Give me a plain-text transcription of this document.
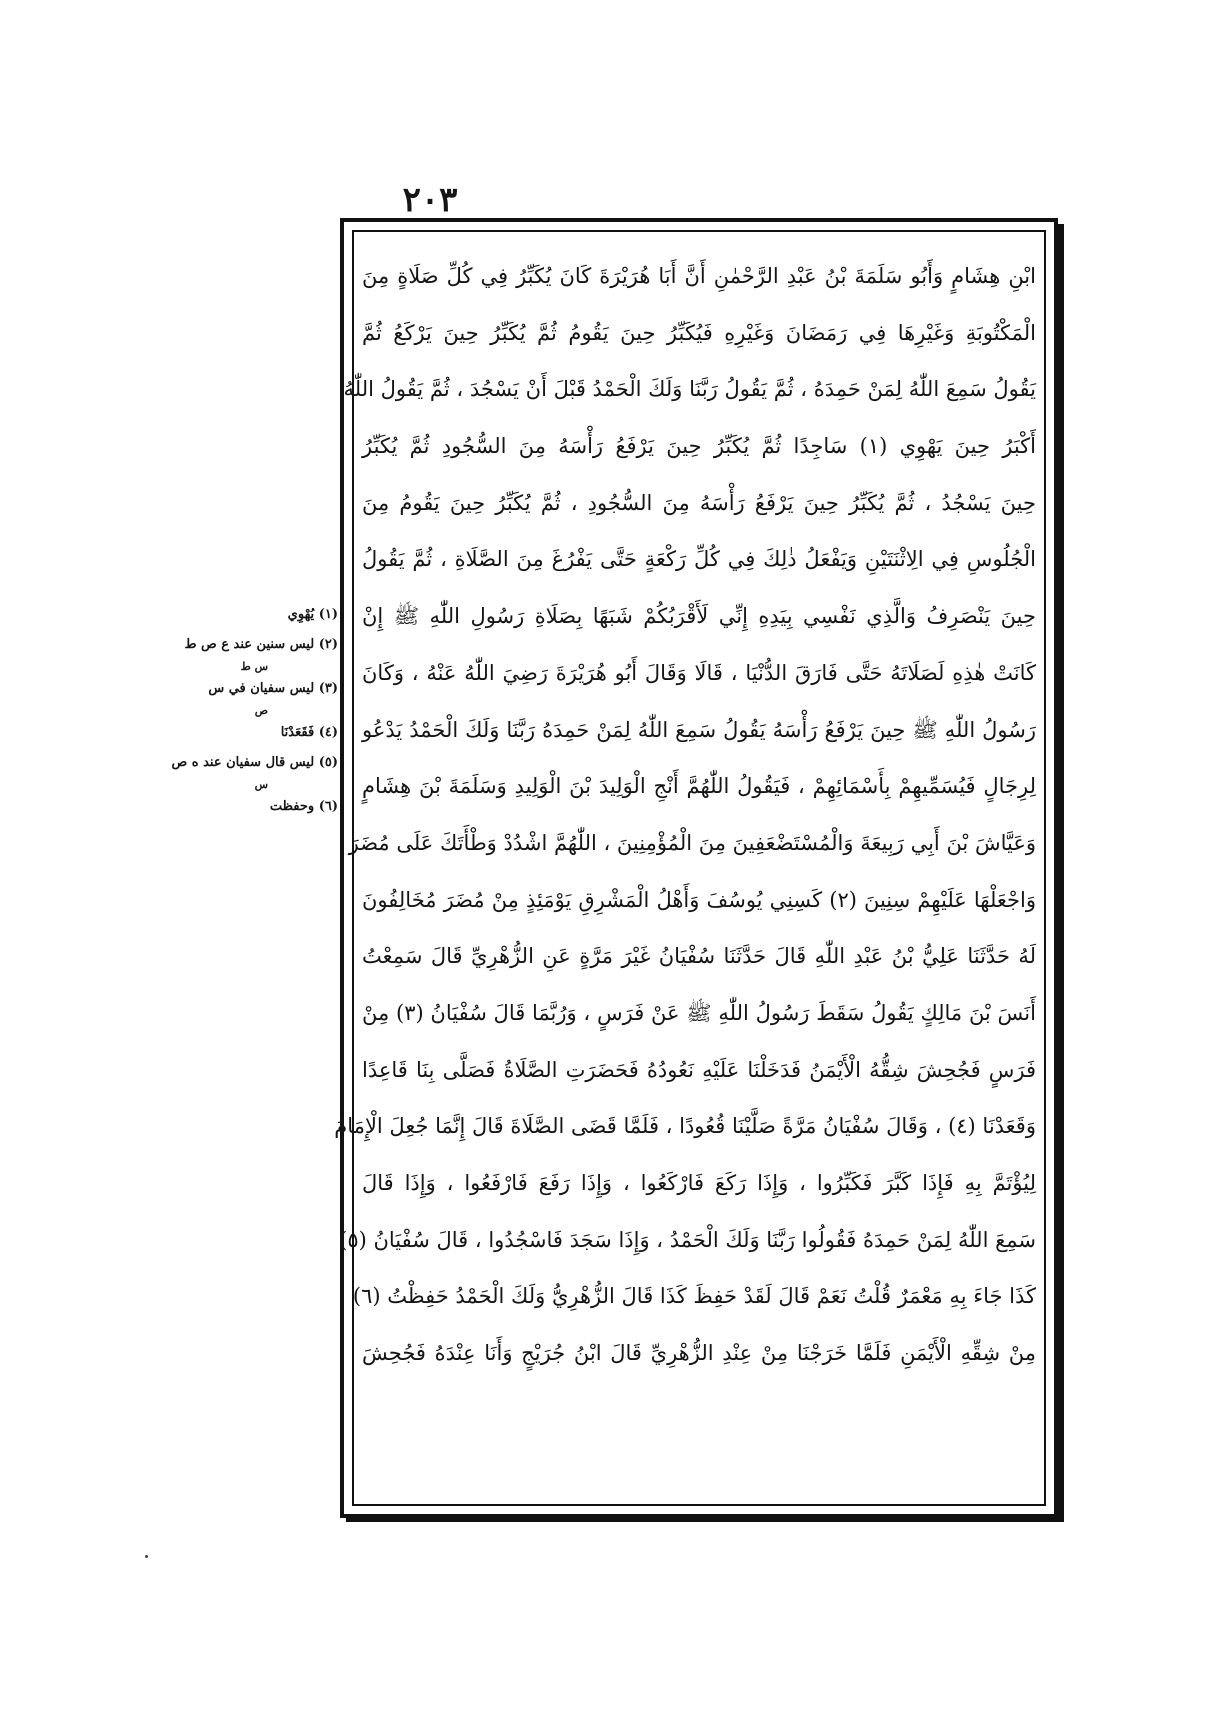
٢٠٣
ابْنِ هِشَامٍ وَأَبُو سَلَمَةَ بْنُ عَبْدِ الرَّحْمٰنِ أَنَّ أَبَا هُرَيْرَةَ كَانَ يُكَبِّرُ فِي كُلِّ صَلَاةٍ مِنَ
الْمَكْتُوبَةِ وَغَيْرِهَا فِي رَمَضَانَ وَغَيْرِهِ فَيُكَبِّرُ حِينَ يَقُومُ ثُمَّ يُكَبِّرُ حِينَ يَرْكَعُ ثُمَّ
يَقُولُ سَمِعَ اللّٰهُ لِمَنْ حَمِدَهُ ، ثُمَّ يَقُولُ رَبَّنَا وَلَكَ الْحَمْدُ قَبْلَ أَنْ يَسْجُدَ ، ثُمَّ يَقُولُ اللّٰهُ
أَكْبَرُ حِينَ يَهْوِي (١) سَاجِدًا ثُمَّ يُكَبِّرُ حِينَ يَرْفَعُ رَأْسَهُ مِنَ السُّجُودِ ثُمَّ يُكَبِّرُ
حِينَ يَسْجُدُ ، ثُمَّ يُكَبِّرُ حِينَ يَرْفَعُ رَأْسَهُ مِنَ السُّجُودِ ، ثُمَّ يُكَبِّرُ حِينَ يَقُومُ مِنَ
الْجُلُوسِ فِي الِاثْنَتَيْنِ وَيَفْعَلُ ذٰلِكَ فِي كُلِّ رَكْعَةٍ حَتَّى يَفْرُغَ مِنَ الصَّلَاةِ ، ثُمَّ يَقُولُ
حِينَ يَنْصَرِفُ وَالَّذِي نَفْسِي بِيَدِهِ إِنِّي لَأَقْرَبُكُمْ شَبَهًا بِصَلَاةِ رَسُولِ اللّٰهِ ﷺ إِنْ
كَانَتْ هٰذِهِ لَصَلَاتَهُ حَتَّى فَارَقَ الدُّنْيَا ، قَالَا وَقَالَ أَبُو هُرَيْرَةَ رَضِيَ اللّٰهُ عَنْهُ ، وَكَانَ
رَسُولُ اللّٰهِ ﷺ حِينَ يَرْفَعُ رَأْسَهُ يَقُولُ سَمِعَ اللّٰهُ لِمَنْ حَمِدَهُ رَبَّنَا وَلَكَ الْحَمْدُ يَدْعُو
لِرِجَالٍ فَيُسَمِّيهِمْ بِأَسْمَائِهِمْ ، فَيَقُولُ اللّٰهُمَّ أَنْجِ الْوَلِيدَ بْنَ الْوَلِيدِ وَسَلَمَةَ بْنَ هِشَامٍ
وَعَيَّاشَ بْنَ أَبِي رَبِيعَةَ وَالْمُسْتَضْعَفِينَ مِنَ الْمُؤْمِنِينَ ، اللّٰهُمَّ اشْدُدْ وَطْأَتَكَ عَلَى مُضَرَ
وَاجْعَلْهَا عَلَيْهِمْ سِنِينَ (٢) كَسِنِي يُوسُفَ وَأَهْلُ الْمَشْرِقِ يَوْمَئِذٍ مِنْ مُضَرَ مُخَالِفُونَ
لَهُ حَدَّثَنَا عَلِيُّ بْنُ عَبْدِ اللّٰهِ قَالَ حَدَّثَنَا سُفْيَانُ غَيْرَ مَرَّةٍ عَنِ الزُّهْرِيِّ قَالَ سَمِعْتُ
أَنَسَ بْنَ مَالِكٍ يَقُولُ سَقَطَ رَسُولُ اللّٰهِ ﷺ عَنْ فَرَسٍ ، وَرُبَّمَا قَالَ سُفْيَانُ (٣) مِنْ
فَرَسٍ فَجُحِشَ شِقُّهُ الْأَيْمَنُ فَدَخَلْنَا عَلَيْهِ نَعُودُهُ فَحَضَرَتِ الصَّلَاةُ فَصَلَّى بِنَا قَاعِدًا
وَقَعَدْنَا (٤) ، وَقَالَ سُفْيَانُ مَرَّةً صَلَّيْنَا قُعُودًا ، فَلَمَّا قَضَى الصَّلَاةَ قَالَ إِنَّمَا جُعِلَ الْإِمَامُ
لِيُؤْتَمَّ بِهِ فَإِذَا كَبَّرَ فَكَبِّرُوا ، وَإِذَا رَكَعَ فَارْكَعُوا ، وَإِذَا رَفَعَ فَارْفَعُوا ، وَإِذَا قَالَ
سَمِعَ اللّٰهُ لِمَنْ حَمِدَهُ فَقُولُوا رَبَّنَا وَلَكَ الْحَمْدُ ، وَإِذَا سَجَدَ فَاسْجُدُوا ، قَالَ سُفْيَانُ (٥)
كَذَا جَاءَ بِهِ مَعْمَرٌ قُلْتُ نَعَمْ قَالَ لَقَدْ حَفِظَ كَذَا قَالَ الزُّهْرِيُّ وَلَكَ الْحَمْدُ حَفِظْتُ (٦)
مِنْ شِقِّهِ الْأَيْمَنِ فَلَمَّا خَرَجْنَا مِنْ عِنْدِ الزُّهْرِيِّ قَالَ ابْنُ جُرَيْجٍ وَأَنَا عِنْدَهُ فَجُحِشَ
(١) يُهْوِي
(٢) ليس سنين عند ﻉ ص ط
س ط
(٣) ليس سفيان في س
ص
(٤) فَقَعَدْنَا
(٥) ليس قال سفيان عند ه ص
س
(٦) وحفظت
